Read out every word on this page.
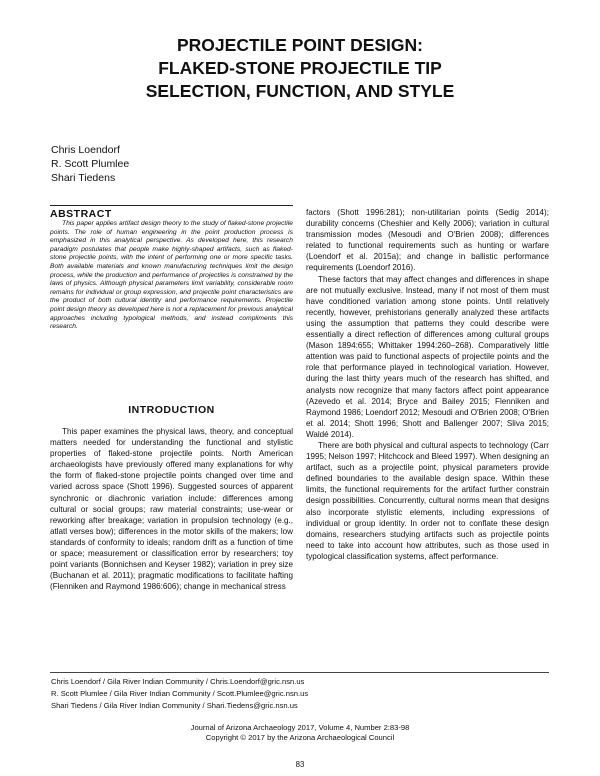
PROJECTILE POINT DESIGN:
FLAKED-STONE PROJECTILE TIP
SELECTION, FUNCTION, AND STYLE
Chris Loendorf
R. Scott Plumlee
Shari Tiedens
ABSTRACT

This paper applies artifact design theory to the study of flaked-stone projectile points. The role of human engineering in the point production process is emphasized in this analytical perspective. As developed here, this research paradigm postulates that people make highly-shaped artifacts, such as flaked-stone projectile points, with the intent of performing one or more specific tasks. Both available materials and known manufacturing techniques limit the design process, while the production and performance of projectiles is constrained by the laws of physics. Although physical parameters limit variability, considerable room remains for individual or group expression, and projectile point characteristics are the product of both cultural identity and performance requirements. Projectile point design theory as developed here is not a replacement for previous analytical approaches including typological methods, and instead compliments this research.

INTRODUCTION

This paper examines the physical laws, theory, and conceptual matters needed for understanding the functional and stylistic properties of flaked-stone projectile points. North American archaeologists have previously offered many explanations for why the form of flaked-stone projectile points changed over time and varied across space (Shott 1996). Suggested sources of apparent synchronic or diachronic variation include: differences among cultural or social groups; raw material constraints; use-wear or reworking after breakage; variation in propulsion technology (e.g., atlatl verses bow); differences in the motor skills of the makers; low standards of conformity to ideals; random drift as a function of time or space; measurement or classification error by researchers; toy point variants (Bonnichsen and Keyser 1982); variation in prey size (Buchanan et al. 2011); pragmatic modifications to facilitate hafting (Flenniken and Raymond 1986:606); change in mechanical stress

factors (Shott 1996:281); non-utilitarian points (Sedig 2014); durability concerns (Cheshier and Kelly 2006); variation in cultural transmission modes (Mesoudi and O'Brien 2008); differences related to functional requirements such as hunting or warfare (Loendorf et al. 2015a); and change in ballistic performance requirements (Loendorf 2016).

These factors that may affect changes and differences in shape are not mutually exclusive. Instead, many if not most of them must have conditioned variation among stone points. Until relatively recently, however, prehistorians generally analyzed these artifacts using the assumption that patterns they could describe were essentially a direct reflection of differences among cultural groups (Mason 1894:655; Whittaker 1994:260–268). Comparatively little attention was paid to functional aspects of projectile points and the role that performance played in technological variation. However, during the last thirty years much of the research has shifted, and analysts now recognize that many factors affect point appearance (Azevedo et al. 2014; Bryce and Bailey 2015; Flenniken and Raymond 1986; Loendorf 2012; Mesoudi and O'Brien 2008; O'Brien et al. 2014; Shott 1996; Shott and Ballenger 2007; Sliva 2015; Waldé 2014).

There are both physical and cultural aspects to technology (Carr 1995; Nelson 1997; Hitchcock and Bleed 1997). When designing an artifact, such as a projectile point, physical parameters provide defined boundaries to the available design space. Within these limits, the functional requirements for the artifact further constrain design possibilities. Concurrently, cultural norms mean that designs also incorporate stylistic elements, including expressions of individual or group identity. In order not to conflate these design domains, researchers studying artifacts such as projectile points need to take into account how attributes, such as those used in typological classification systems, affect performance.

Chris Loendorf / Gila River Indian Community / Chris.Loendorf@gric.nsn.us
R. Scott Plumlee / Gila River Indian Community / Scott.Plumlee@gric.nsn.us
Shari Tiedens / Gila River Indian Community / Shari.Tiedens@gric.nsn.us
Journal of Arizona Archaeology 2017, Volume 4, Number 2:83-98
Copyright © 2017 by the Arizona Archaeological Council
83
